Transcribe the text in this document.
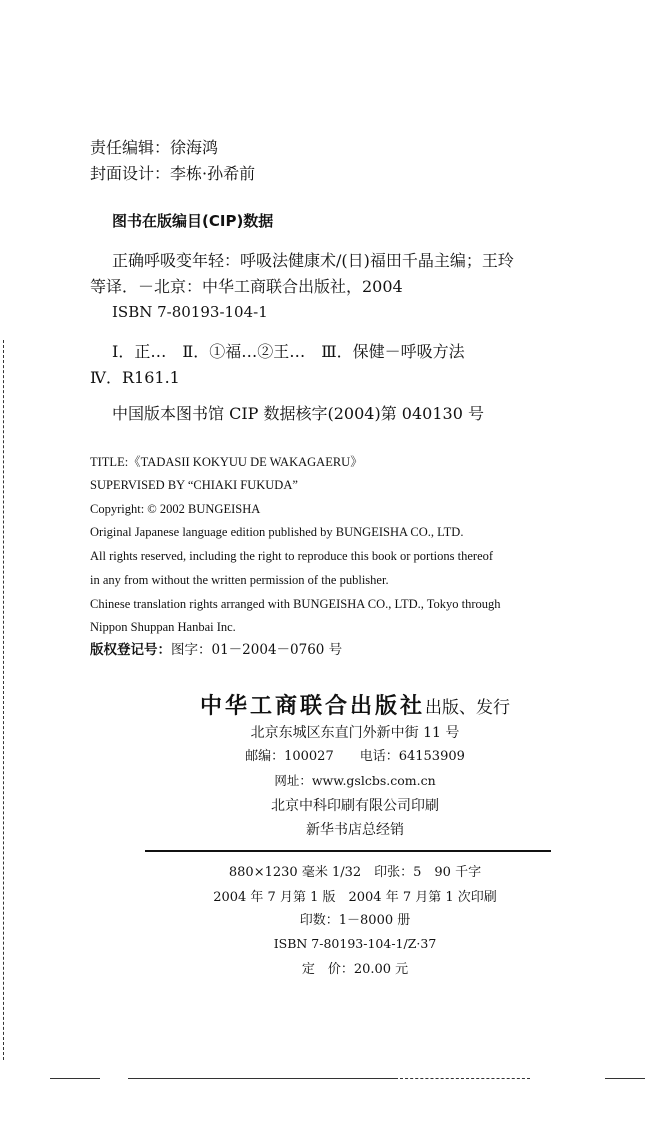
责任编辑：徐海鸿
封面设计：李栋·孙希前
图书在版编目(CIP)数据
正确呼吸变年轻：呼吸法健康术/(日)福田千晶主编；王玲
等译．－北京：中华工商联合出版社，2004
ISBN 7-80193-104-1
Ⅰ．正…　Ⅱ．①福…②王…　Ⅲ．保健－呼吸方法
Ⅳ．R161.1
中国版本图书馆 CIP 数据核字(2004)第 040130 号
TITLE:《TADASII KOKYUU DE WAKAGAERU》
SUPERVISED BY “CHIAKI FUKUDA”
Copyright: © 2002 BUNGEISHA
Original Japanese language edition published by BUNGEISHA CO., LTD.
All rights reserved, including the right to reproduce this book or portions thereof
in any from without the written permission of the publisher.
Chinese translation rights arranged with BUNGEISHA CO., LTD., Tokyo through
Nippon Shuppan Hanbai Inc.
版权登记号：图字：01－2004－0760 号
中华工商联合出版社出版、发行
北京东城区东直门外新中街 11 号
邮编：100027　　电话：64153909
网址：www.gslcbs.com.cn
北京中科印刷有限公司印刷
新华书店总经销
880×1230 毫米 1/32　印张：5　90 千字
2004 年 7 月第 1 版　2004 年 7 月第 1 次印刷
印数：1－8000 册
ISBN 7-80193-104-1/Z·37
定　价：20.00 元
